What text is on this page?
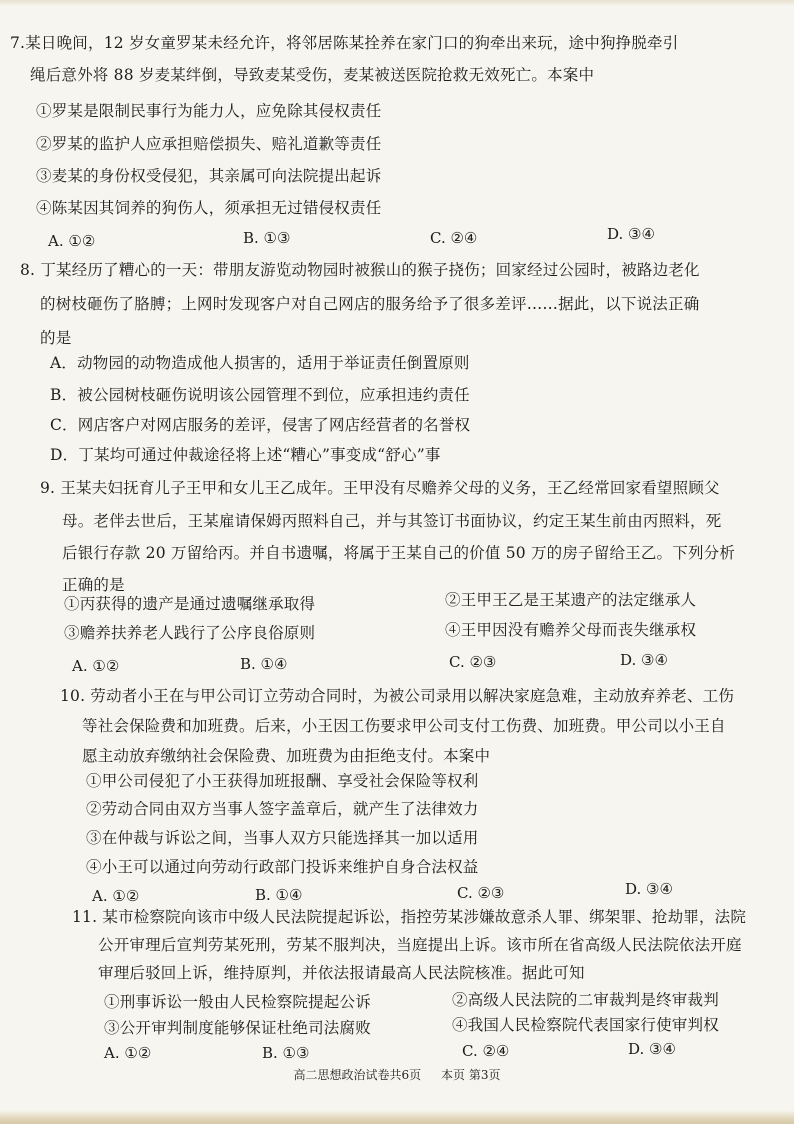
7.某日晚间，12 岁女童罗某未经允许，将邻居陈某拴养在家门口的狗牵出来玩，途中狗挣脱牵引
绳后意外将 88 岁麦某绊倒，导致麦某受伤，麦某被送医院抢救无效死亡。本案中
①罗某是限制民事行为能力人，应免除其侵权责任
②罗某的监护人应承担赔偿损失、赔礼道歉等责任
③麦某的身份权受侵犯，其亲属可向法院提出起诉
④陈某因其饲养的狗伤人，须承担无过错侵权责任
A. ①②	B. ①③	C. ②④	D. ③④
8. 丁某经历了糟心的一天：带朋友游览动物园时被猴山的猴子挠伤；回家经过公园时，被路边老化
的树枝砸伤了胳膊；上网时发现客户对自己网店的服务给予了很多差评……据此，以下说法正确
的是
A．动物园的动物造成他人损害的，适用于举证责任倒置原则
B．被公园树枝砸伤说明该公园管理不到位，应承担违约责任
C．网店客户对网店服务的差评，侵害了网店经营者的名誉权
D．丁某均可通过仲裁途径将上述“糟心”事变成“舒心”事
9. 王某夫妇抚育儿子王甲和女儿王乙成年。王甲没有尽赡养父母的义务，王乙经常回家看望照顾父
母。老伴去世后，王某雇请保姆丙照料自己，并与其签订书面协议，约定王某生前由丙照料，死
后银行存款 20 万留给丙。并自书遗嘱，将属于王某自己的价值 50 万的房子留给王乙。下列分析
正确的是
①丙获得的遗产是通过遗嘱继承取得	②王甲王乙是王某遗产的法定继承人
③赡养扶养老人践行了公序良俗原则	④王甲因没有赡养父母而丧失继承权
A. ①②	B. ①④	C. ②③	D. ③④
10. 劳动者小王在与甲公司订立劳动合同时，为被公司录用以解决家庭急难，主动放弃养老、工伤
等社会保险费和加班费。后来，小王因工伤要求甲公司支付工伤费、加班费。甲公司以小王自
愿主动放弃缴纳社会保险费、加班费为由拒绝支付。本案中
①甲公司侵犯了小王获得加班报酬、享受社会保险等权利
②劳动合同由双方当事人签字盖章后，就产生了法律效力
③在仲裁与诉讼之间，当事人双方只能选择其一加以适用
④小王可以通过向劳动行政部门投诉来维护自身合法权益
A. ①②	B. ①④	C. ②③	D. ③④
11. 某市检察院向该市中级人民法院提起诉讼，指控劳某涉嫌故意杀人罪、绑架罪、抢劫罪，法院
公开审理后宣判劳某死刑，劳某不服判决，当庭提出上诉。该市所在省高级人民法院依法开庭
审理后驳回上诉，维持原判，并依法报请最高人民法院核准。据此可知
①刑事诉讼一般由人民检察院提起公诉	②高级人民法院的二审裁判是终审裁判
③公开审判制度能够保证杜绝司法腐败	④我国人民检察院代表国家行使审判权
A. ①②	B. ①③	C. ②④	D. ③④
高二思想政治试卷共6页 本页 第3页
